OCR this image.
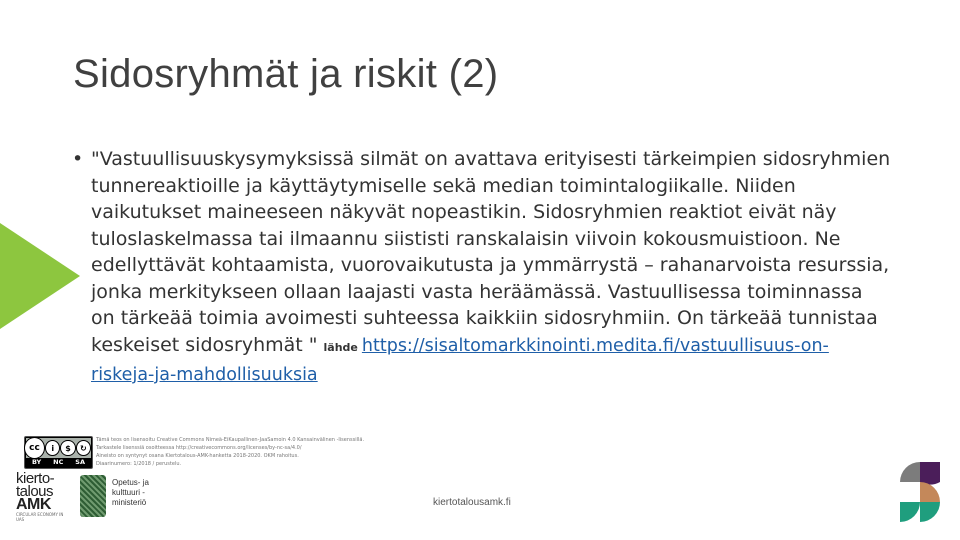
Sidosryhmät ja riskit (2)
• "Vastuullisuuskysymyksissä silmät on avattava erityisesti tärkeimpien sidosryhmien tunnereaktioille ja käyttäytymiselle sekä median toimintalogiikalle. Niiden vaikutukset maineeseen näkyvät nopeastikin. Sidosryhmien reaktiot eivät näy tuloslaskelmassa tai ilmaannu siististi ranskalaisin viivoin kokousmuistioon. Ne edellyttävät kohtaamista, vuorovaikutusta ja ymmärrystä – rahanarvoista resurssia, jonka merkitykseen ollaan laajasti vasta heräämässä. Vastuullisessa toiminnassa on tärkeää toimia avoimesti suhteessa kaikkiin sidosryhmiin. On tärkeää tunnistaa keskeiset sidosryhmät " lähde https://sisaltomarkkinointi.medita.fi/vastuullisuus-on-riskeja-ja-mahdollisuuksia
cc	i	$	↻
BY NC SA

Tämä teos on lisensoitu Creative Commons Nimeä-EiKaupallinen-JaaSamoin 4.0 Kansainvälinen -lisenssillä. Tarkastele lisenssiä osoitteessa http://creativecommons.org/licenses/by-nc-sa/4.0/

Aineisto on syntynyt osana Kiertotalous-AMK-hanketta 2018-2020. OKM rahoitus.

Diaarinumero: 1/2018 / perustelu.

kierto-
talous
AMK
CIRCULAR ECONOMY IN UAS
Opetus- ja
kulttuuri -
ministeriö	kiertotalousamk.fi
